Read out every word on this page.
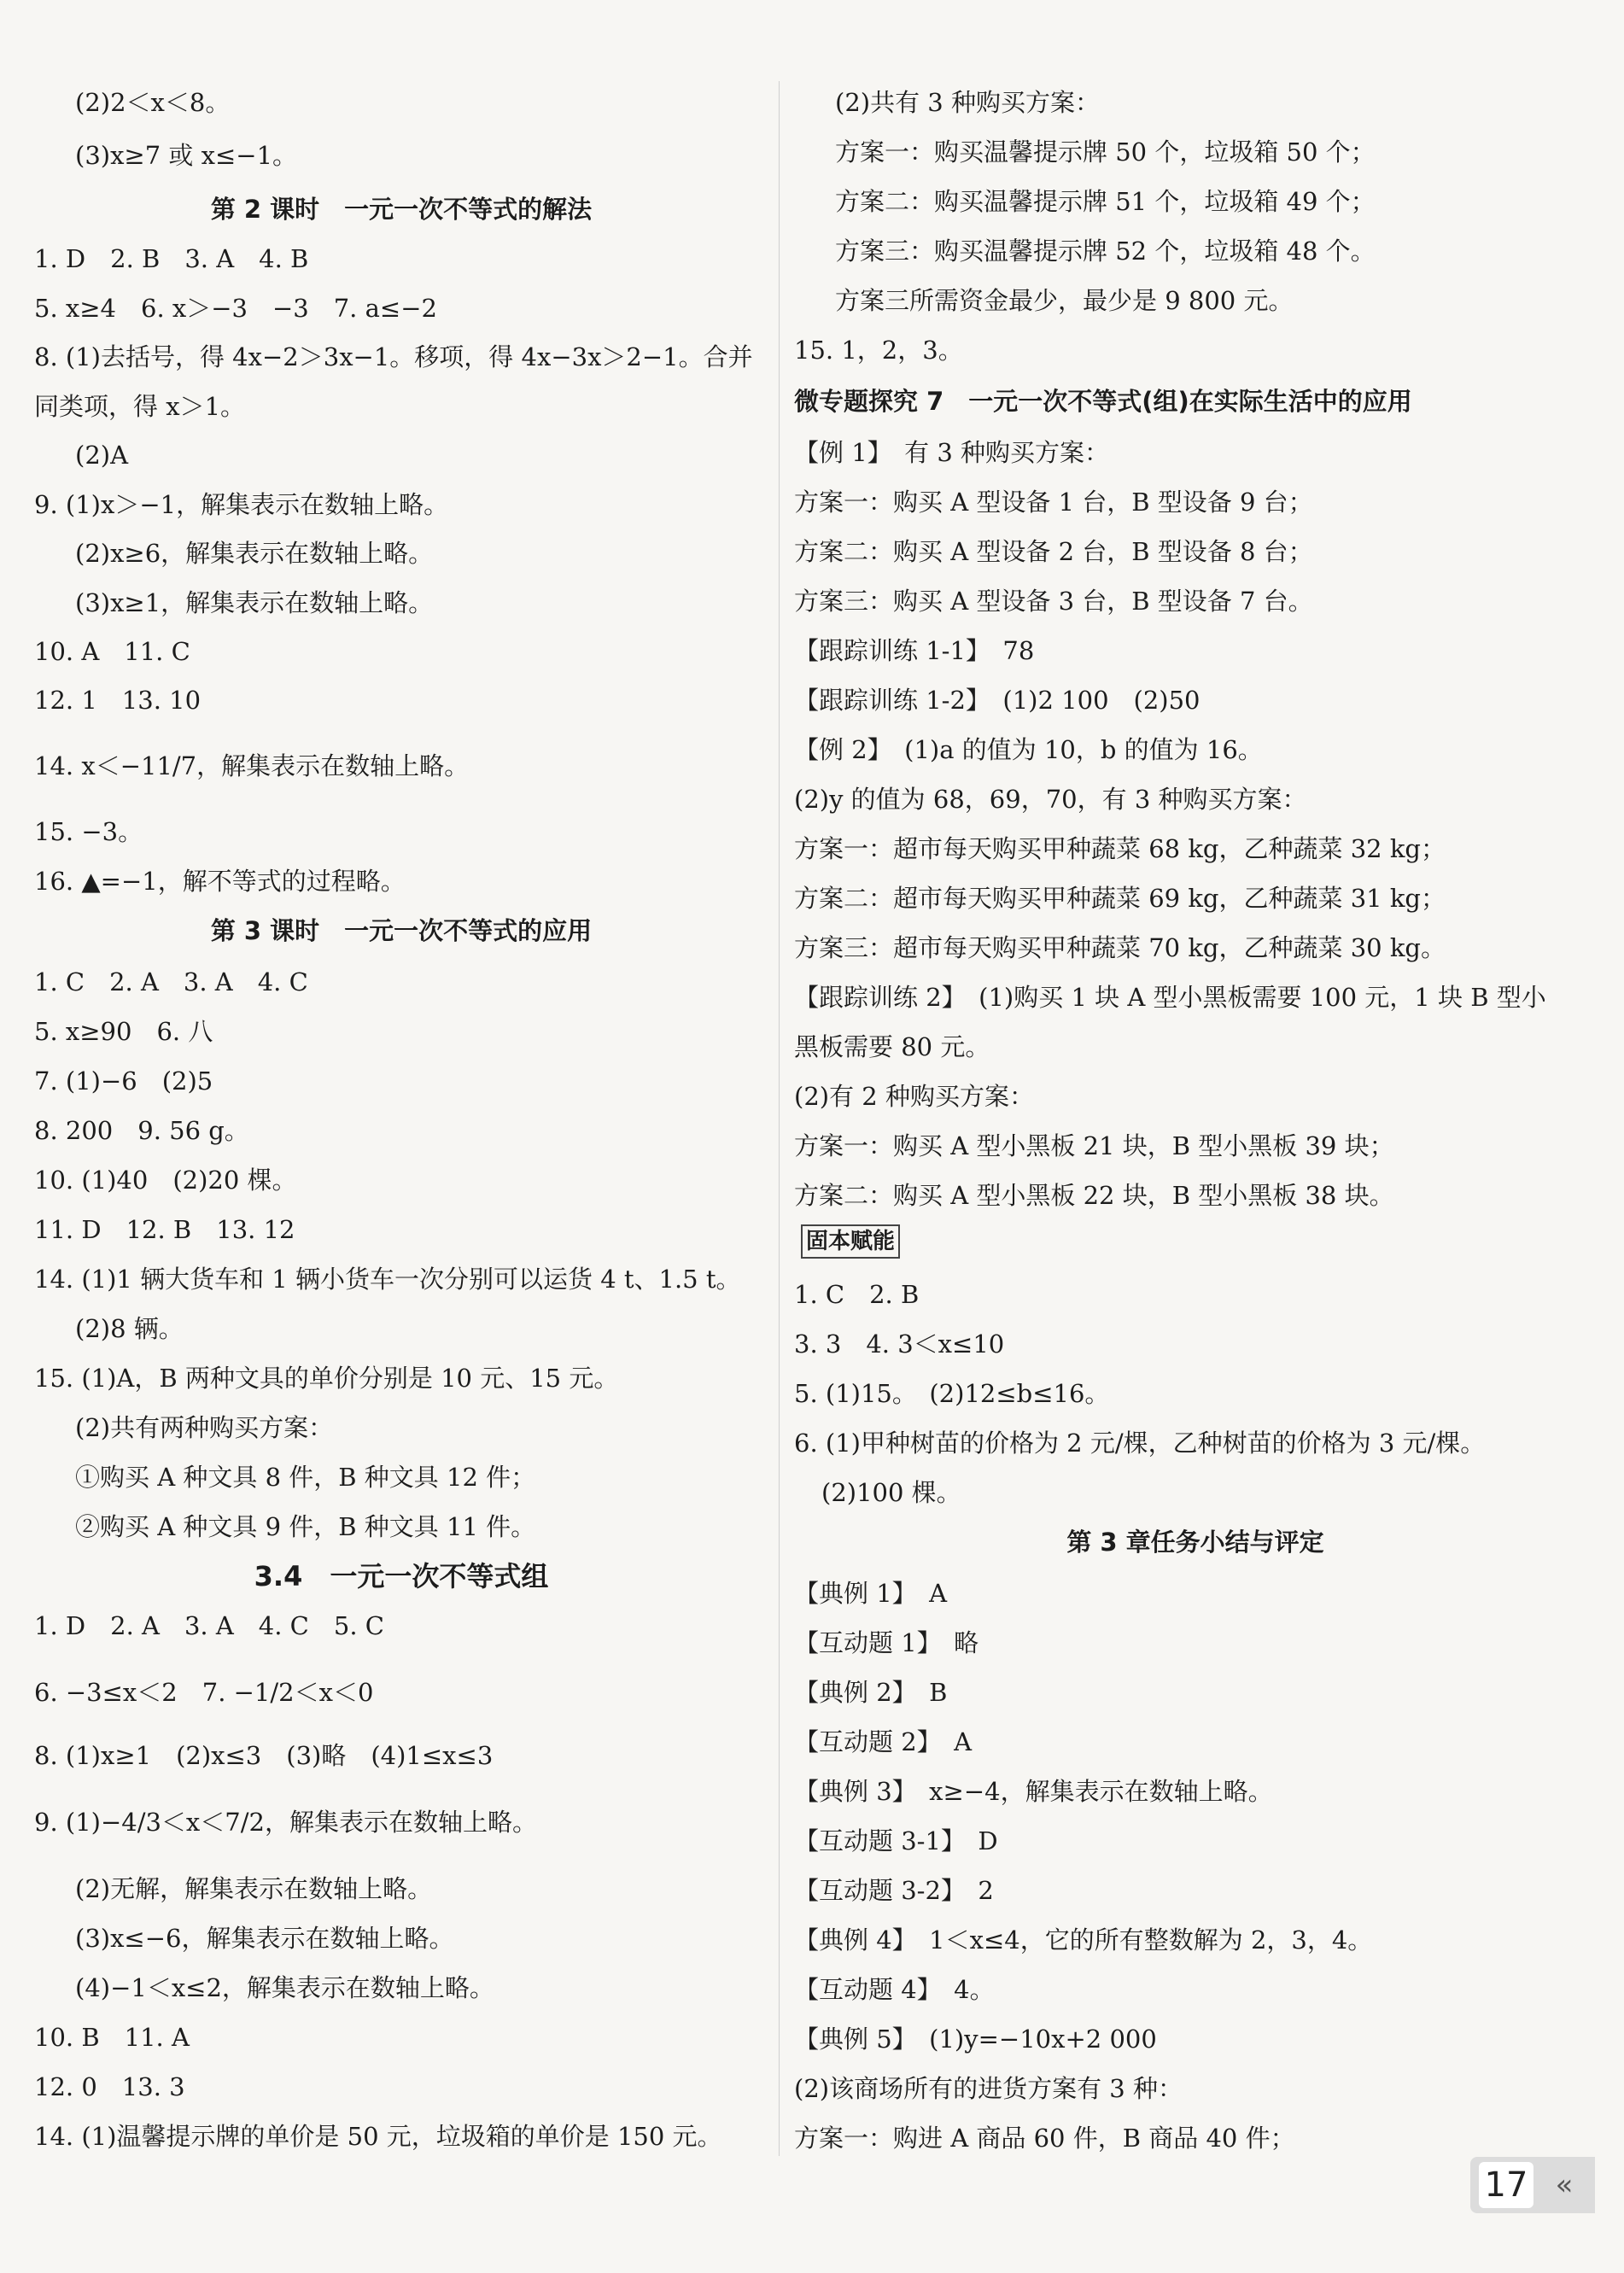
(2)2＜x＜8。
(3)x≥7 或 x≤−1。
第 2 课时　一元一次不等式的解法
1. D　2. B　3. A　4. B
5. x≥4　6. x＞−3　−3　7. a≤−2
8. (1)去括号，得 4x−2＞3x−1。移项，得 4x−3x＞2−1。合并
同类项，得 x＞1。
(2)A
9. (1)x＞−1，解集表示在数轴上略。
(2)x≥6，解集表示在数轴上略。
(3)x≥1，解集表示在数轴上略。
10. A　11. C
12. 1　13. 10
14. x＜−11/7，解集表示在数轴上略。
15. −3。
16. ▲=−1，解不等式的过程略。
第 3 课时　一元一次不等式的应用
1. C　2. A　3. A　4. C
5. x≥90　6. 八
7. (1)−6　(2)5
8. 200　9. 56 g。
10. (1)40　(2)20 棵。
11. D　12. B　13. 12
14. (1)1 辆大货车和 1 辆小货车一次分别可以运货 4 t、1.5 t。
(2)8 辆。
15. (1)A，B 两种文具的单价分别是 10 元、15 元。
(2)共有两种购买方案：
①购买 A 种文具 8 件，B 种文具 12 件；
②购买 A 种文具 9 件，B 种文具 11 件。
3.4　一元一次不等式组
1. D　2. A　3. A　4. C　5. C
6. −3≤x＜2　7. −1/2＜x＜0
8. (1)x≥1　(2)x≤3　(3)略　(4)1≤x≤3
9. (1)−4/3＜x＜7/2，解集表示在数轴上略。
(2)无解，解集表示在数轴上略。
(3)x≤−6，解集表示在数轴上略。
(4)−1＜x≤2，解集表示在数轴上略。
10. B　11. A
12. 0　13. 3
14. (1)温馨提示牌的单价是 50 元，垃圾箱的单价是 150 元。
(2)共有 3 种购买方案：
方案一：购买温馨提示牌 50 个，垃圾箱 50 个；
方案二：购买温馨提示牌 51 个，垃圾箱 49 个；
方案三：购买温馨提示牌 52 个，垃圾箱 48 个。
方案三所需资金最少，最少是 9 800 元。
15. 1，2，3。
微专题探究 7　一元一次不等式(组)在实际生活中的应用
【例 1】　有 3 种购买方案：
方案一：购买 A 型设备 1 台，B 型设备 9 台；
方案二：购买 A 型设备 2 台，B 型设备 8 台；
方案三：购买 A 型设备 3 台，B 型设备 7 台。
【跟踪训练 1-1】　78
【跟踪训练 1-2】　(1)2 100　(2)50
【例 2】　(1)a 的值为 10，b 的值为 16。
(2)y 的值为 68，69，70，有 3 种购买方案：
方案一：超市每天购买甲种蔬菜 68 kg，乙种蔬菜 32 kg；
方案二：超市每天购买甲种蔬菜 69 kg，乙种蔬菜 31 kg；
方案三：超市每天购买甲种蔬菜 70 kg，乙种蔬菜 30 kg。
【跟踪训练 2】　(1)购买 1 块 A 型小黑板需要 100 元，1 块 B 型小
黑板需要 80 元。
(2)有 2 种购买方案：
方案一：购买 A 型小黑板 21 块，B 型小黑板 39 块；
方案二：购买 A 型小黑板 22 块，B 型小黑板 38 块。
固本赋能
1. C　2. B
3. 3　4. 3＜x≤10
5. (1)15。　(2)12≤b≤16。
6. (1)甲种树苗的价格为 2 元/棵，乙种树苗的价格为 3 元/棵。
(2)100 棵。
第 3 章任务小结与评定
【典例 1】　A
【互动题 1】　略
【典例 2】　B
【互动题 2】　A
【典例 3】　x≥−4，解集表示在数轴上略。
【互动题 3-1】　D
【互动题 3-2】　2
【典例 4】　1＜x≤4，它的所有整数解为 2，3，4。
【互动题 4】　4。
【典例 5】　(1)y=−10x+2 000
(2)该商场所有的进货方案有 3 种：
方案一：购进 A 商品 60 件，B 商品 40 件；
17 «
